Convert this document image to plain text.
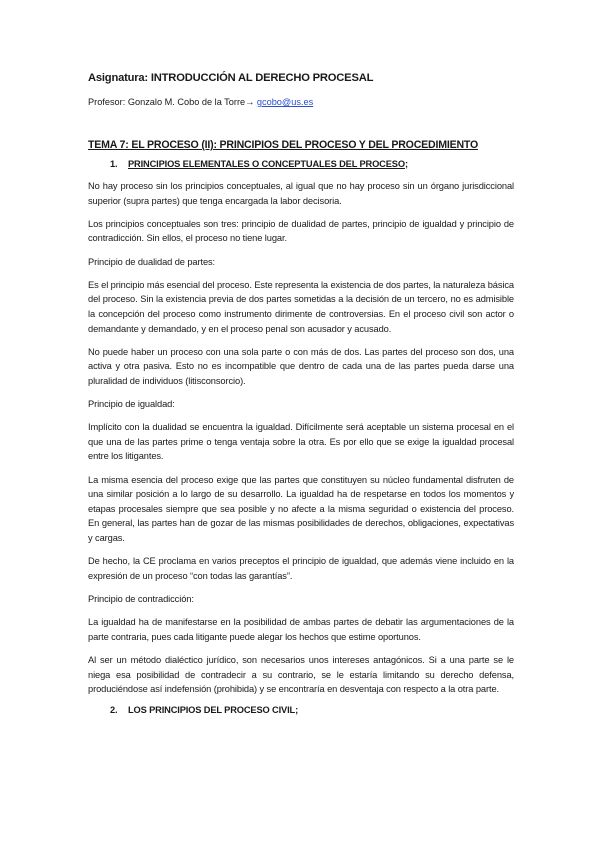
Asignatura: INTRODUCCIÓN AL DERECHO PROCESAL
Profesor: Gonzalo M. Cobo de la Torre→ gcobo@us.es
TEMA 7: EL PROCESO (II): PRINCIPIOS DEL PROCESO Y DEL PROCEDIMIENTO
1. PRINCIPIOS ELEMENTALES O CONCEPTUALES DEL PROCESO;

No hay proceso sin los principios conceptuales, al igual que no hay proceso sin un órgano jurisdiccional superior (supra partes) que tenga encargada la labor decisoria.

Los principios conceptuales son tres: principio de dualidad de partes, principio de igualdad y principio de contradicción. Sin ellos, el proceso no tiene lugar.

Principio de dualidad de partes:

Es el principio más esencial del proceso. Este representa la existencia de dos partes, la naturaleza básica del proceso. Sin la existencia previa de dos partes sometidas a la decisión de un tercero, no es admisible la concepción del proceso como instrumento dirimente de controversias. En el proceso civil son actor o demandante y demandado, y en el proceso penal son acusador y acusado.

No puede haber un proceso con una sola parte o con más de dos. Las partes del proceso son dos, una activa y otra pasiva. Esto no es incompatible que dentro de cada una de las partes pueda darse una pluralidad de individuos (litisconsorcio).

Principio de igualdad:

Implícito con la dualidad se encuentra la igualdad. Difícilmente será aceptable un sistema procesal en el que una de las partes prime o tenga ventaja sobre la otra. Es por ello que se exige la igualdad procesal entre los litigantes.

La misma esencia del proceso exige que las partes que constituyen su núcleo fundamental disfruten de una similar posición a lo largo de su desarrollo. La igualdad ha de respetarse en todos los momentos y etapas procesales siempre que sea posible y no afecte a la misma seguridad o existencia del proceso. En general, las partes han de gozar de las mismas posibilidades de derechos, obligaciones, expectativas y cargas.

De hecho, la CE proclama en varios preceptos el principio de igualdad, que además viene incluido en la expresión de un proceso “con todas las garantías”.

Principio de contradicción:

La igualdad ha de manifestarse en la posibilidad de ambas partes de debatir las argumentaciones de la parte contraria, pues cada litigante puede alegar los hechos que estime oportunos.

Al ser un método dialéctico jurídico, son necesarios unos intereses antagónicos. Si a una parte se le niega esa posibilidad de contradecir a su contrario, se le estaría limitando su derecho defensa, produciéndose así indefensión (prohibida) y se encontraría en desventaja con respecto a la otra parte.

2. LOS PRINCIPIOS DEL PROCESO CIVIL;
